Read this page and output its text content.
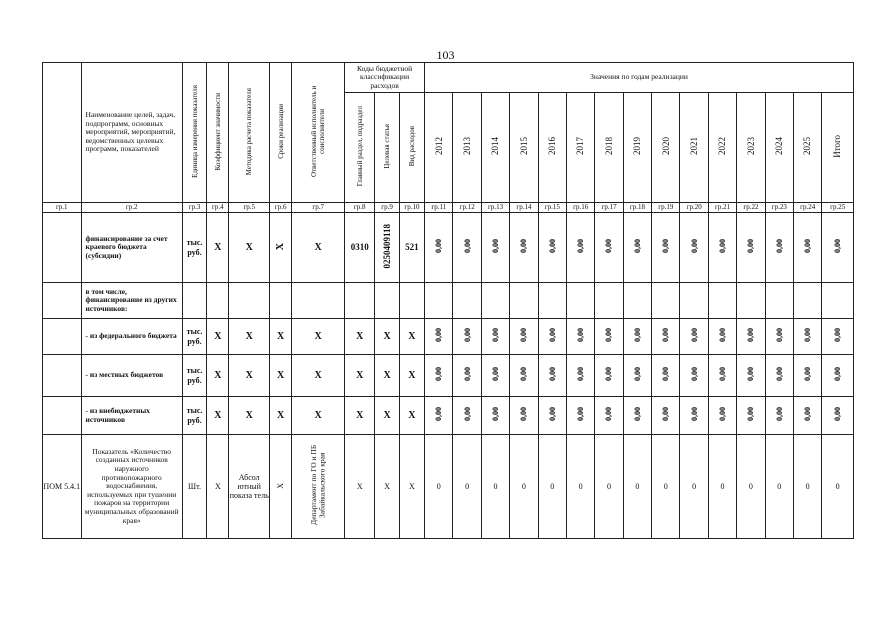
103
	Наименование целей, задач, подпрограмм, основных мероприятий, мероприятий, ведомственных целевых программ, показателей	Единица измерения показателя	Коэффициент значимости	Методика расчета показателя	Сроки реализации	Ответственный исполнитель и соисполнители	Коды бюджетной классификации расходов			Значения по годам реализации														
							Главный раздел, подраздел	Целевая статья	Вид расходов	2012	2013	2014	2015	2016	2017	2018	2019	2020	2021	2022	2023	2024	2025	Итого
гр.1	гр.2	гр.3	гр.4	гр.5	гр.6	гр.7	гр.8	гр.9	гр.10	гр.11	гр.12	гр.13	гр.14	гр.15	гр.16	гр.17	гр.18	гр.19	гр.20	гр.21	гр.22	гр.23	гр.24	гр.25
	финансирование за счет краевого бюджета (субсидии)	тыс. руб.	Х	Х	Х	Х	0310	0250409118	521	0,00	0,00	0,00	0,00	0,00	0,00	0,00	0,00	0,00	0,00	0,00	0,00	0,00	0,00	0,00
	в том числе, финансирование из других источников:																							
	- из федерального бюджета	тыс. руб.	Х	Х	Х	Х	Х	Х	Х	0,00	0,00	0,00	0,00	0,00	0,00	0,00	0,00	0,00	0,00	0,00	0,00	0,00	0,00	0,00
	- из местных бюджетов	тыс. руб.	Х	Х	Х	Х	Х	Х	Х	0,00	0,00	0,00	0,00	0,00	0,00	0,00	0,00	0,00	0,00	0,00	0,00	0,00	0,00	0,00
	- из внебюджетных источников	тыс. руб.	Х	Х	Х	Х	Х	Х	Х	0,00	0,00	0,00	0,00	0,00	0,00	0,00	0,00	0,00	0,00	0,00	0,00	0,00	0,00	0,00
ПОМ 5.4.1	Показатель «Количество созданных источников наружного противопожарного водоснабжения, используемых при тушении пожаров на территории муниципальных образований края»	Шт.	Х	Абсол ютный показа тель	Х	Департамент по ГО и ПБ Забайкальского края	Х	Х	Х	0	0	0	0	0	0	0	0	0	0	0	0	0	0	0
